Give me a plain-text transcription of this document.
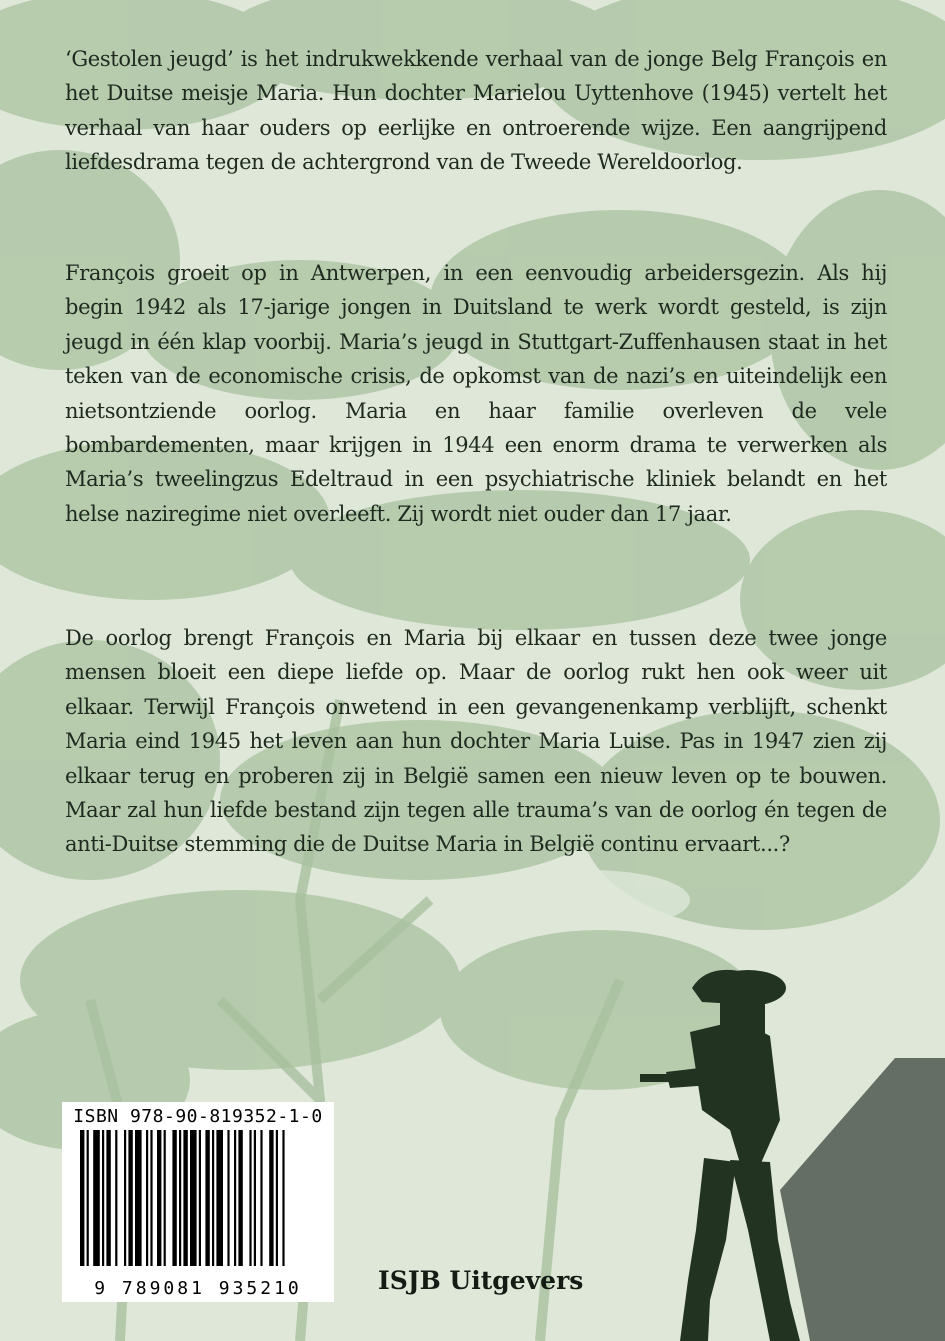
‘Gestolen jeugd’ is het indrukwekkende verhaal van de jonge Belg François en het Duitse meisje Maria. Hun dochter Marielou Uyttenhove (1945) vertelt het verhaal van haar ouders op eerlijke en ontroerende wijze. Een aangrijpend liefdesdrama tegen de achtergrond van de Tweede Wereldoorlog.

François groeit op in Antwerpen, in een eenvoudig arbeidersgezin. Als hij begin 1942 als 17-jarige jongen in Duitsland te werk wordt gesteld, is zijn jeugd in één klap voorbij. Maria’s jeugd in Stuttgart-Zuffenhausen staat in het teken van de economische crisis, de opkomst van de nazi’s en uiteindelijk een nietsontziende oorlog. Maria en haar familie overleven de vele bombardementen, maar krijgen in 1944 een enorm drama te verwerken als Maria’s tweelingzus Edeltraud in een psychiatrische kliniek belandt en het helse naziregime niet overleeft. Zij wordt niet ouder dan 17 jaar.

De oorlog brengt François en Maria bij elkaar en tussen deze twee jonge mensen bloeit een diepe liefde op. Maar de oorlog rukt hen ook weer uit elkaar. Terwijl François onwetend in een gevangenenkamp verblijft, schenkt Maria eind 1945 het leven aan hun dochter Maria Luise. Pas in 1947 zien zij elkaar terug en proberen zij in België samen een nieuw leven op te bouwen. Maar zal hun liefde bestand zijn tegen alle trauma’s van de oorlog én tegen de anti-Duitse stemming die de Duitse Maria in België continu ervaart...?

ISBN 978-90-819352-1-0
9 789081 935210	ISJB Uitgevers
